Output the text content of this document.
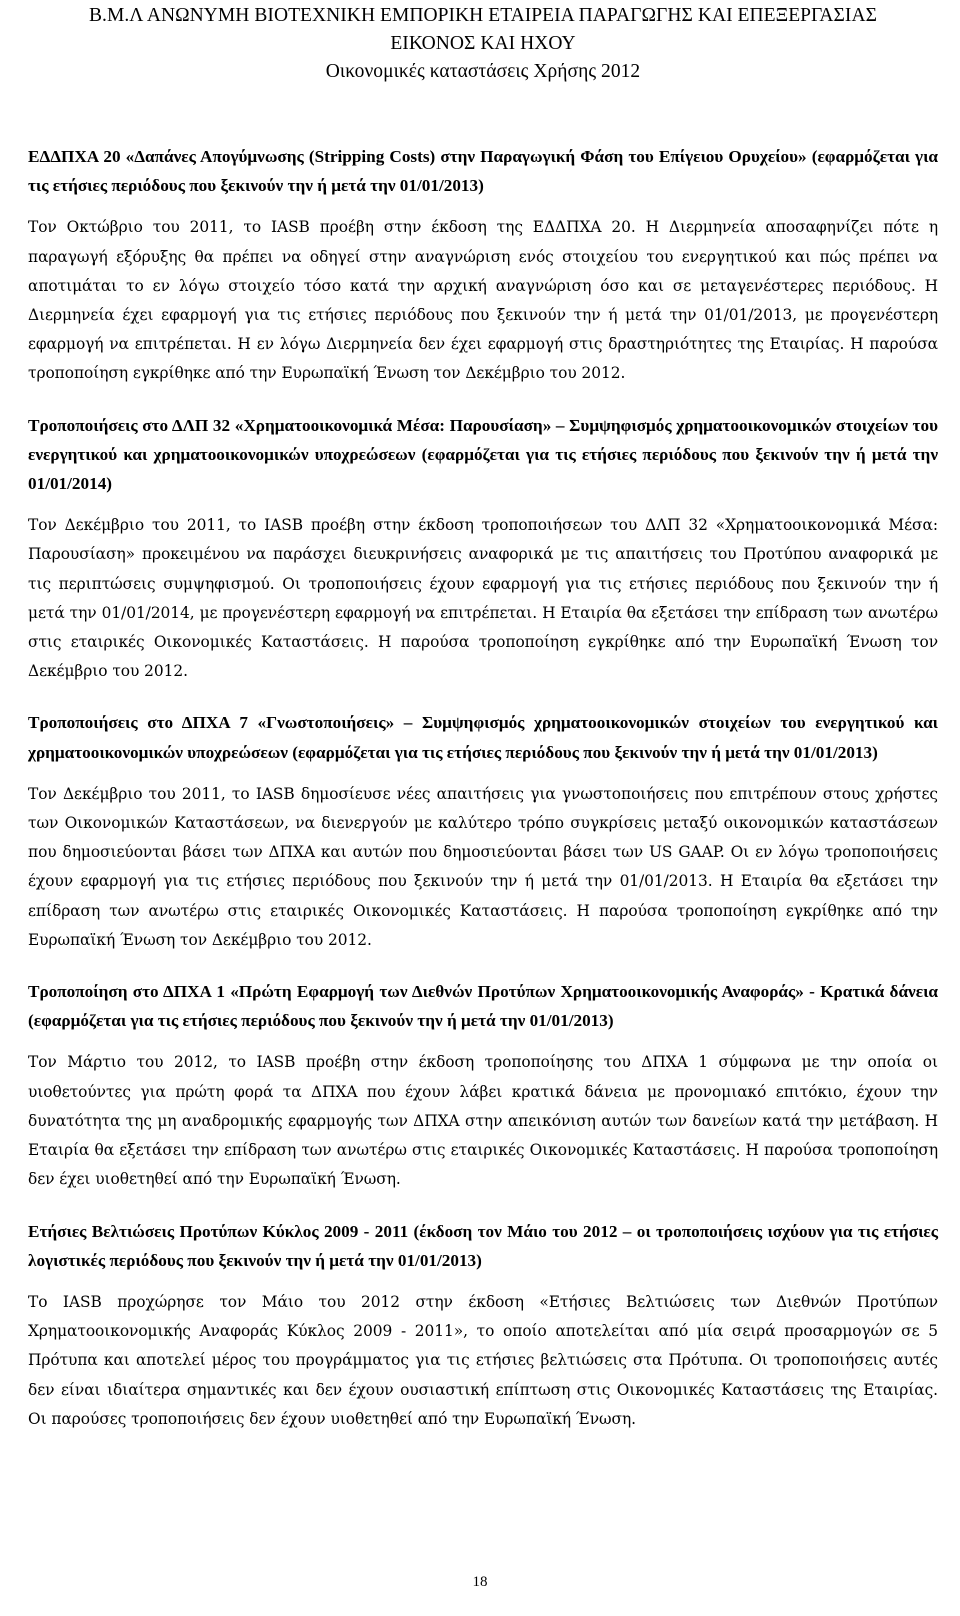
Β.Μ.Λ ΑΝΩΝΥΜΗ ΒΙΟΤΕΧΝΙΚΗ ΕΜΠΟΡΙΚΗ ΕΤΑΙΡΕΙΑ ΠΑΡΑΓΩΓΗΣ ΚΑΙ ΕΠΕΞΕΡΓΑΣΙΑΣ
ΕΙΚΟΝΟΣ ΚΑΙ ΗΧΟΥ
Οικονομικές καταστάσεις Χρήσης 2012
ΕΔΔΠΧΑ 20 «Δαπάνες Απογύμνωσης (Stripping Costs) στην Παραγωγική Φάση του Επίγειου Ορυχείου» (εφαρμόζεται για τις ετήσιες περιόδους που ξεκινούν την ή μετά την 01/01/2013)

Τον Οκτώβριο του 2011, το IASB προέβη στην έκδοση της ΕΔΔΠΧΑ 20. Η Διερμηνεία αποσαφηνίζει πότε η παραγωγή εξόρυξης θα πρέπει να οδηγεί στην αναγνώριση ενός στοιχείου του ενεργητικού και πώς πρέπει να αποτιμάται το εν λόγω στοιχείο τόσο κατά την αρχική αναγνώριση όσο και σε μεταγενέστερες περιόδους. Η Διερμηνεία έχει εφαρμογή για τις ετήσιες περιόδους που ξεκινούν την ή μετά την 01/01/2013, με προγενέστερη εφαρμογή να επιτρέπεται. Η εν λόγω Διερμηνεία δεν έχει εφαρμογή στις δραστηριότητες της Εταιρίας. Η παρούσα τροποποίηση εγκρίθηκε από την Ευρωπαϊκή Ένωση τον Δεκέμβριο του 2012.

Τροποποιήσεις στο ΔΛΠ 32 «Χρηματοοικονομικά Μέσα: Παρουσίαση» – Συμψηφισμός χρηματοοικονομικών στοιχείων του ενεργητικού και χρηματοοικονομικών υποχρεώσεων (εφαρμόζεται για τις ετήσιες περιόδους που ξεκινούν την ή μετά την 01/01/2014)

Τον Δεκέμβριο του 2011, το IASB προέβη στην έκδοση τροποποιήσεων του ΔΛΠ 32 «Χρηματοοικονομικά Μέσα: Παρουσίαση» προκειμένου να παράσχει διευκρινήσεις αναφορικά με τις απαιτήσεις του Προτύπου αναφορικά με τις περιπτώσεις συμψηφισμού. Οι τροποποιήσεις έχουν εφαρμογή για τις ετήσιες περιόδους που ξεκινούν την ή μετά την 01/01/2014, με προγενέστερη εφαρμογή να επιτρέπεται. Η Εταιρία θα εξετάσει την επίδραση των ανωτέρω στις εταιρικές Οικονομικές Καταστάσεις. Η παρούσα τροποποίηση εγκρίθηκε από την Ευρωπαϊκή Ένωση τον Δεκέμβριο του 2012.

Τροποποιήσεις στο ΔΠΧΑ 7 «Γνωστοποιήσεις» – Συμψηφισμός χρηματοοικονομικών στοιχείων του ενεργητικού και χρηματοοικονομικών υποχρεώσεων (εφαρμόζεται για τις ετήσιες περιόδους που ξεκινούν την ή μετά την 01/01/2013)

Τον Δεκέμβριο του 2011, το IASB δημοσίευσε νέες απαιτήσεις για γνωστοποιήσεις που επιτρέπουν στους χρήστες των Οικονομικών Καταστάσεων, να διενεργούν με καλύτερο τρόπο συγκρίσεις μεταξύ οικονομικών καταστάσεων που δημοσιεύονται βάσει των ΔΠΧΑ και αυτών που δημοσιεύονται βάσει των US GAAP. Οι εν λόγω τροποποιήσεις έχουν εφαρμογή για τις ετήσιες περιόδους που ξεκινούν την ή μετά την 01/01/2013. Η Εταιρία θα εξετάσει την επίδραση των ανωτέρω στις εταιρικές Οικονομικές Καταστάσεις. Η παρούσα τροποποίηση εγκρίθηκε από την Ευρωπαϊκή Ένωση τον Δεκέμβριο του 2012.

Τροποποίηση στο ΔΠΧΑ 1 «Πρώτη Εφαρμογή των Διεθνών Προτύπων Χρηματοοικονομικής Αναφοράς» - Κρατικά δάνεια (εφαρμόζεται για τις ετήσιες περιόδους που ξεκινούν την ή μετά την 01/01/2013)

Τον Μάρτιο του 2012, το IASB προέβη στην έκδοση τροποποίησης του ΔΠΧΑ 1 σύμφωνα με την οποία οι υιοθετούντες για πρώτη φορά τα ΔΠΧΑ που έχουν λάβει κρατικά δάνεια με προνομιακό επιτόκιο, έχουν την δυνατότητα της μη αναδρομικής εφαρμογής των ΔΠΧΑ στην απεικόνιση αυτών των δανείων κατά την μετάβαση. Η Εταιρία θα εξετάσει την επίδραση των ανωτέρω στις εταιρικές Οικονομικές Καταστάσεις. Η παρούσα τροποποίηση δεν έχει υιοθετηθεί από την Ευρωπαϊκή Ένωση.

Ετήσιες Βελτιώσεις Προτύπων Κύκλος 2009 - 2011 (έκδοση τον Μάιο του 2012 – οι τροποποιήσεις ισχύουν για τις ετήσιες λογιστικές περιόδους που ξεκινούν την ή μετά την 01/01/2013)

Το IASB προχώρησε τον Μάιο του 2012 στην έκδοση «Ετήσιες Βελτιώσεις των Διεθνών Προτύπων Χρηματοοικονομικής Αναφοράς Κύκλος 2009 - 2011», το οποίο αποτελείται από μία σειρά προσαρμογών σε 5 Πρότυπα και αποτελεί μέρος του προγράμματος για τις ετήσιες βελτιώσεις στα Πρότυπα. Οι τροποποιήσεις αυτές δεν είναι ιδιαίτερα σημαντικές και δεν έχουν ουσιαστική επίπτωση στις Οικονομικές Καταστάσεις της Εταιρίας. Οι παρούσες τροποποιήσεις δεν έχουν υιοθετηθεί από την Ευρωπαϊκή Ένωση.

18
